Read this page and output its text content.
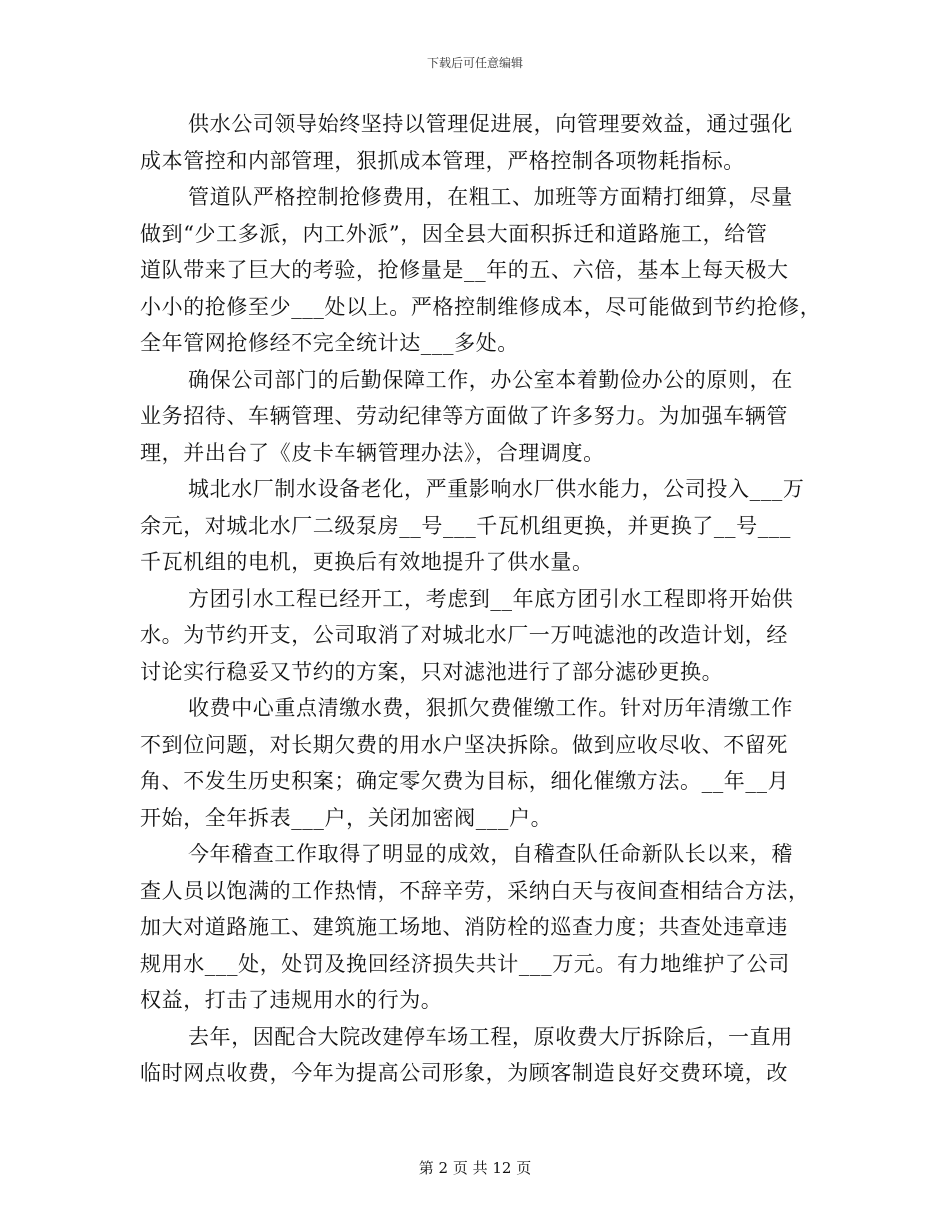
下载后可任意编辑

供水公司领导始终坚持以管理促进展，向管理要效益，通过强化
成本管控和内部管理，狠抓成本管理，严格控制各项物耗指标。

管道队严格控制抢修费用，在粗工、加班等方面精打细算，尽量
做到“少工多派，内工外派”，因全县大面积拆迁和道路施工，给管
道队带来了巨大的考验，抢修量是__年的五、六倍，基本上每天极大
小小的抢修至少___处以上。严格控制维修成本，尽可能做到节约抢修，
全年管网抢修经不完全统计达___多处。

确保公司部门的后勤保障工作，办公室本着勤俭办公的原则，在
业务招待、车辆管理、劳动纪律等方面做了许多努力。为加强车辆管
理，并出台了《皮卡车辆管理办法》，合理调度。

城北水厂制水设备老化，严重影响水厂供水能力，公司投入___万
余元，对城北水厂二级泵房__号___千瓦机组更换，并更换了__号___
千瓦机组的电机，更换后有效地提升了供水量。

方团引水工程已经开工，考虑到__年底方团引水工程即将开始供
水。为节约开支，公司取消了对城北水厂一万吨滤池的改造计划，经
讨论实行稳妥又节约的方案，只对滤池进行了部分滤砂更换。

收费中心重点清缴水费，狠抓欠费催缴工作。针对历年清缴工作
不到位问题，对长期欠费的用水户坚决拆除。做到应收尽收、不留死
角、不发生历史积案；确定零欠费为目标，细化催缴方法。__年__月
开始，全年拆表___户，关闭加密阀___户。

今年稽查工作取得了明显的成效，自稽查队任命新队长以来，稽
查人员以饱满的工作热情，不辞辛劳，采纳白天与夜间查相结合方法，
加大对道路施工、建筑施工场地、消防栓的巡查力度；共查处违章违
规用水___处，处罚及挽回经济损失共计___万元。有力地维护了公司
权益，打击了违规用水的行为。

去年，因配合大院改建停车场工程，原收费大厅拆除后，一直用
临时网点收费，今年为提高公司形象，为顾客制造良好交费环境，改

第 2 页 共 12 页
